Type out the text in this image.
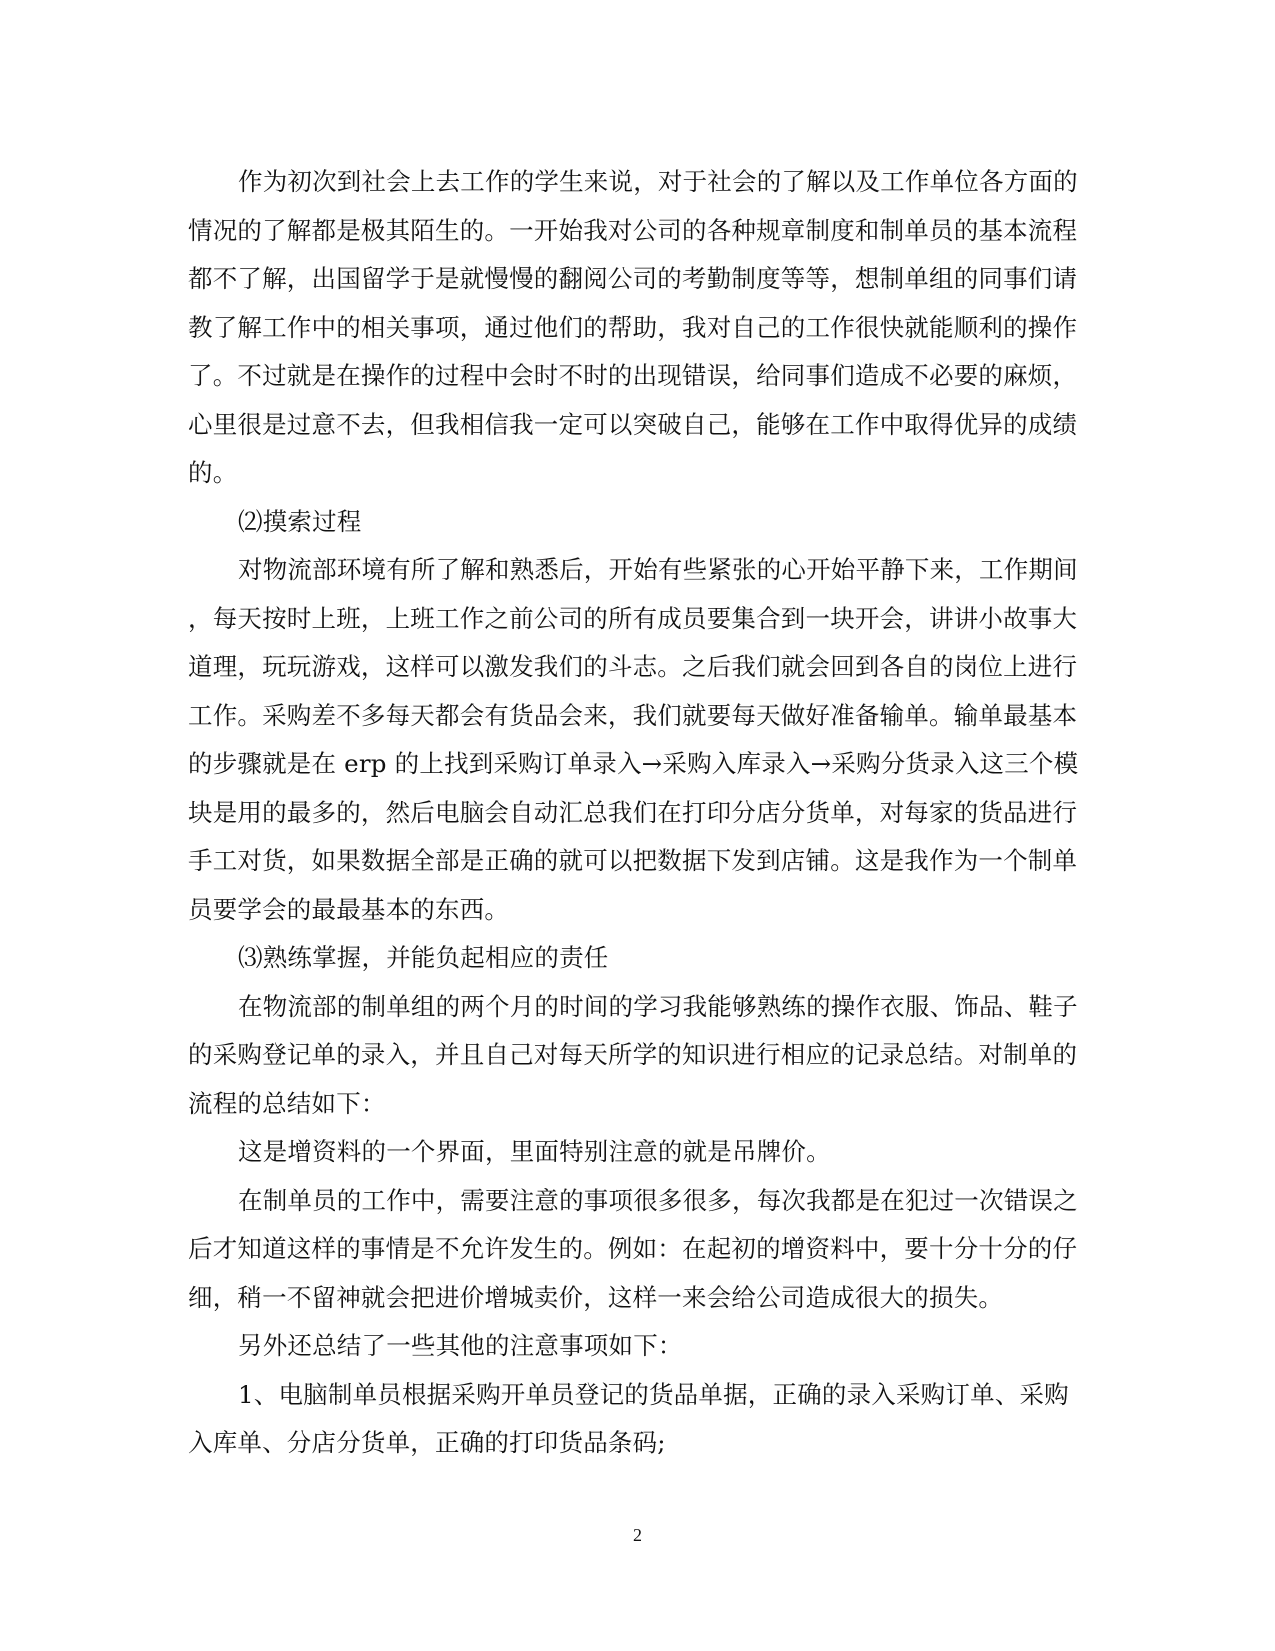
作为初次到社会上去工作的学生来说，对于社会的了解以及工作单位各方面的
情况的了解都是极其陌生的。一开始我对公司的各种规章制度和制单员的基本流程
都不了解，出国留学于是就慢慢的翻阅公司的考勤制度等等，想制单组的同事们请
教了解工作中的相关事项，通过他们的帮助，我对自己的工作很快就能顺利的操作
了。不过就是在操作的过程中会时不时的出现错误，给同事们造成不必要的麻烦，
心里很是过意不去，但我相信我一定可以突破自己，能够在工作中取得优异的成绩
的。
⑵摸索过程
对物流部环境有所了解和熟悉后，开始有些紧张的心开始平静下来，工作期间
，每天按时上班，上班工作之前公司的所有成员要集合到一块开会，讲讲小故事大
道理，玩玩游戏，这样可以激发我们的斗志。之后我们就会回到各自的岗位上进行
工作。采购差不多每天都会有货品会来，我们就要每天做好准备输单。输单最基本
的步骤就是在 erp 的上找到采购订单录入→采购入库录入→采购分货录入这三个模
块是用的最多的，然后电脑会自动汇总我们在打印分店分货单，对每家的货品进行
手工对货，如果数据全部是正确的就可以把数据下发到店铺。这是我作为一个制单
员要学会的最最基本的东西。
⑶熟练掌握，并能负起相应的责任
在物流部的制单组的两个月的时间的学习我能够熟练的操作衣服、饰品、鞋子
的采购登记单的录入，并且自己对每天所学的知识进行相应的记录总结。对制单的
流程的总结如下：
这是增资料的一个界面，里面特别注意的就是吊牌价。
在制单员的工作中，需要注意的事项很多很多，每次我都是在犯过一次错误之
后才知道这样的事情是不允许发生的。例如：在起初的增资料中，要十分十分的仔
细，稍一不留神就会把进价增城卖价，这样一来会给公司造成很大的损失。
另外还总结了一些其他的注意事项如下：
1、电脑制单员根据采购开单员登记的货品单据，正确的录入采购订单、采购
入库单、分店分货单，正确的打印货品条码;
2
